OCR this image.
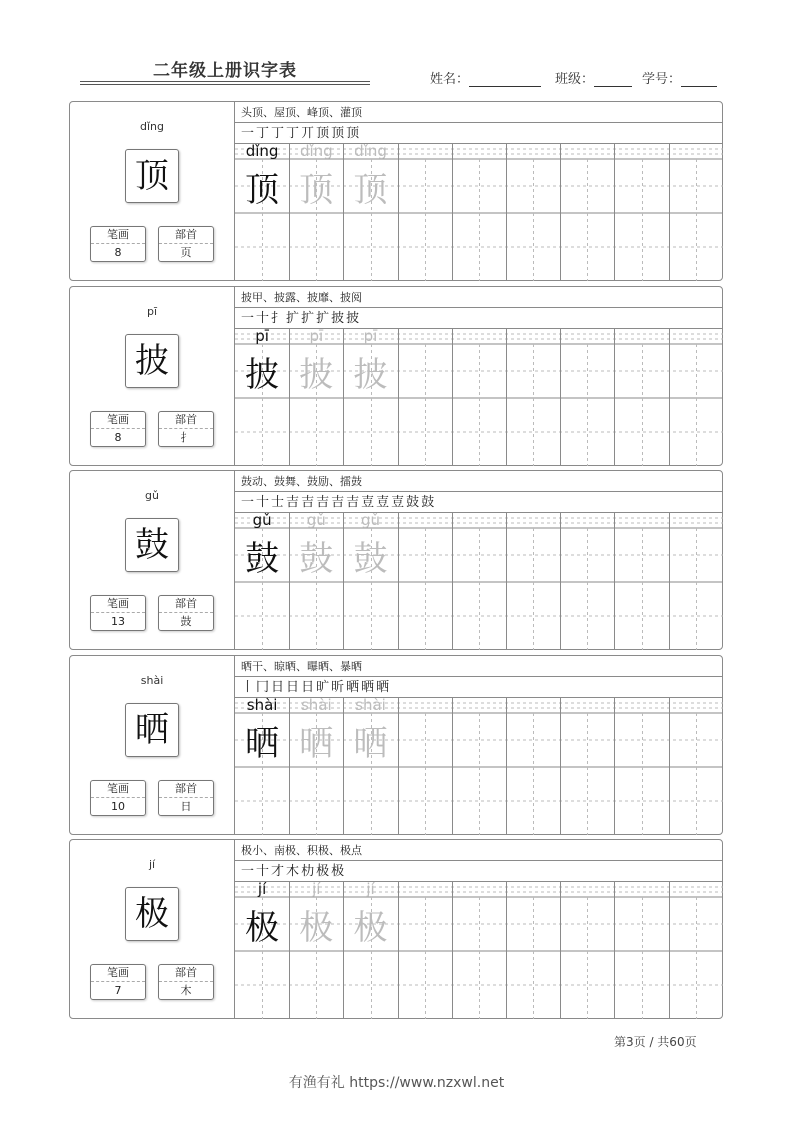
二年级上册识字表	姓名：	班级：	学号：
dǐng
顶
笔画
8
部首
页
头顶、屋顶、峰顶、灌顶
一 丁 丁 丁 丌 顶 顶 顶
dǐng
顶
dǐng
顶
dǐng
顶
pī
披
笔画
8
部首
扌
披甲、披露、披靡、披阅
一 十 扌 扩 扩 扩 披 披
pī
披
pī
披
pī
披
gǔ
鼓
笔画
13
部首
鼓
鼓动、鼓舞、鼓励、擂鼓
一 十 士 吉 吉 吉 吉 吉 壴 壴 壴 鼓 鼓
gǔ
鼓
gǔ
鼓
gǔ
鼓
shài
晒
笔画
10
部首
日
晒干、晾晒、曝晒、暴晒
丨 冂 日 日 日 旷 昕 晒 晒 晒
shài
晒
shài
晒
shài
晒
jí
极
笔画
7
部首
木
极小、南极、积极、极点
一 十 才 木 朸 极 极
jí
极
jí
极
jí
极
第3页 / 共60页
有渔有礼 https://www.nzxwl.net
